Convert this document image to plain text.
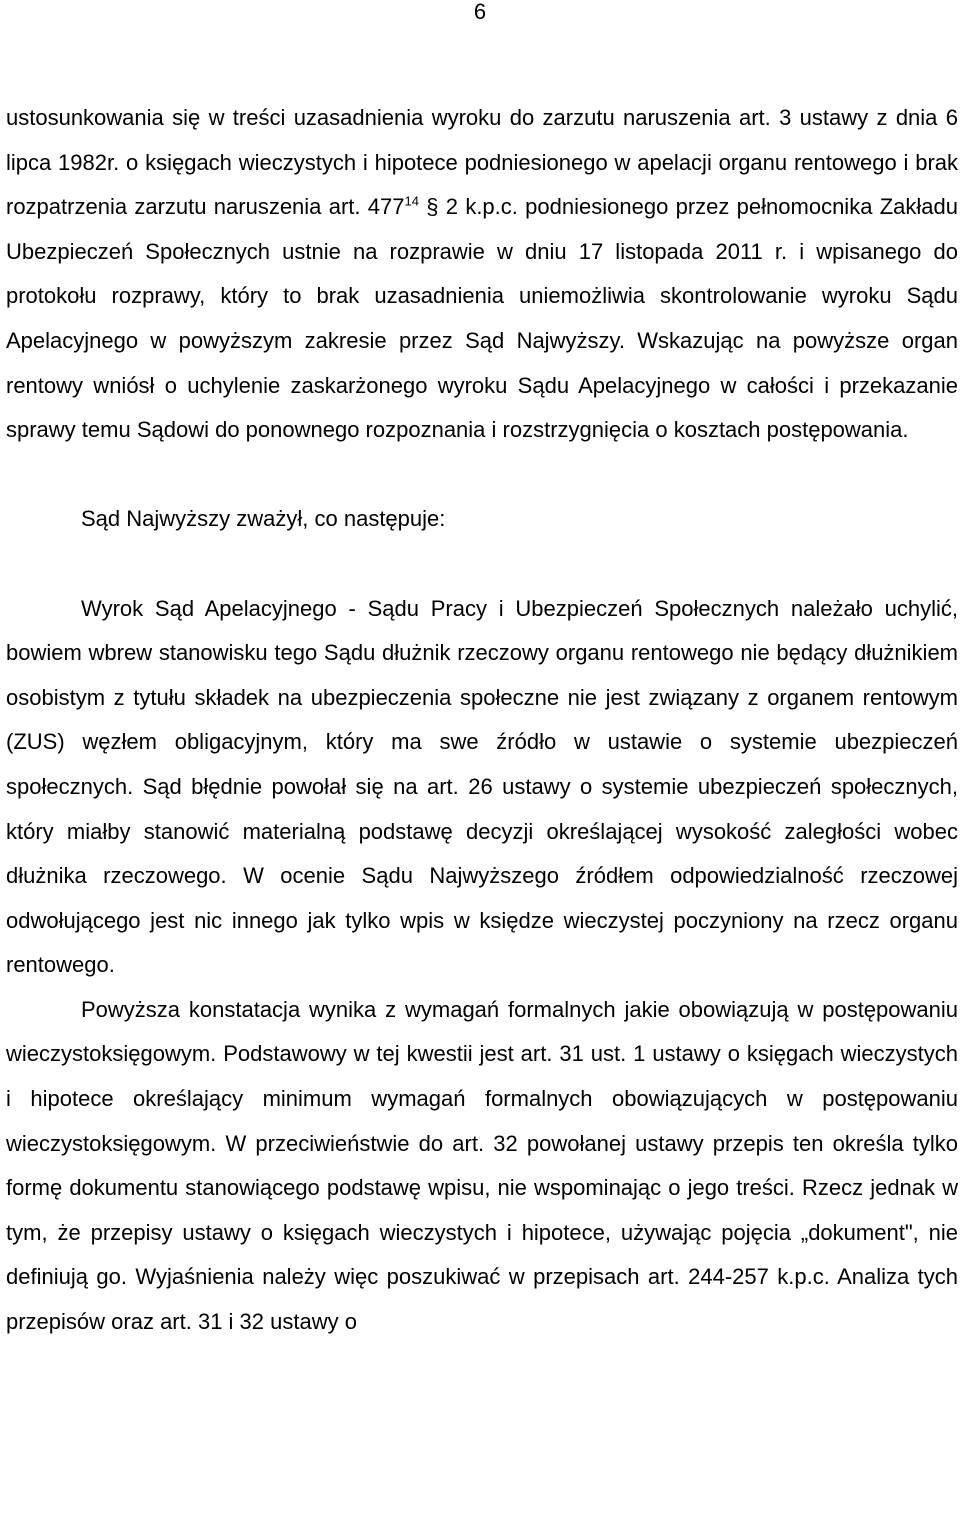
6

ustosunkowania się w treści uzasadnienia wyroku do zarzutu naruszenia art. 3 ustawy z dnia 6 lipca 1982r. o księgach wieczystych i hipotece podniesionego w apelacji organu rentowego i brak rozpatrzenia zarzutu naruszenia art. $477^{14}$ § 2 k.p.c. podniesionego przez pełnomocnika Zakładu Ubezpieczeń Społecznych ustnie na rozprawie w dniu 17 listopada 2011 r. i wpisanego do protokołu rozprawy, który to brak uzasadnienia uniemożliwia skontrolowanie wyroku Sądu Apelacyjnego w powyższym zakresie przez Sąd Najwyższy. Wskazując na powyższe organ rentowy wniósł o uchylenie zaskarżonego wyroku Sądu Apelacyjnego w całości i przekazanie sprawy temu Sądowi do ponownego rozpoznania i rozstrzygnięcia o kosztach postępowania.

Sąd Najwyższy zważył, co następuje:

Wyrok Sąd Apelacyjnego - Sądu Pracy i Ubezpieczeń Społecznych należało uchylić, bowiem wbrew stanowisku tego Sądu dłużnik rzeczowy organu rentowego nie będący dłużnikiem osobistym z tytułu składek na ubezpieczenia społeczne nie jest związany z organem rentowym (ZUS) węzłem obligacyjnym, który ma swe źródło w ustawie o systemie ubezpieczeń społecznych. Sąd błędnie powołał się na art. 26 ustawy o systemie ubezpieczeń społecznych, który miałby stanowić materialną podstawę decyzji określającej wysokość zaległości wobec dłużnika rzeczowego. W ocenie Sądu Najwyższego źródłem odpowiedzialność rzeczowej odwołującego jest nic innego jak tylko wpis w księdze wieczystej poczyniony na rzecz organu rentowego.

Powyższa konstatacja wynika z wymagań formalnych jakie obowiązują w postępowaniu wieczystoksięgowym. Podstawowy w tej kwestii jest art. 31 ust. 1 ustawy o księgach wieczystych i hipotece określający minimum wymagań formalnych obowiązujących w postępowaniu wieczystoksięgowym. W przeciwieństwie do art. 32 powołanej ustawy przepis ten określa tylko formę dokumentu stanowiącego podstawę wpisu, nie wspominając o jego treści. Rzecz jednak w tym, że przepisy ustawy o księgach wieczystych i hipotece, używając pojęcia „dokument", nie definiują go. Wyjaśnienia należy więc poszukiwać w przepisach art. 244-257 k.p.c. Analiza tych przepisów oraz art. 31 i 32 ustawy o
